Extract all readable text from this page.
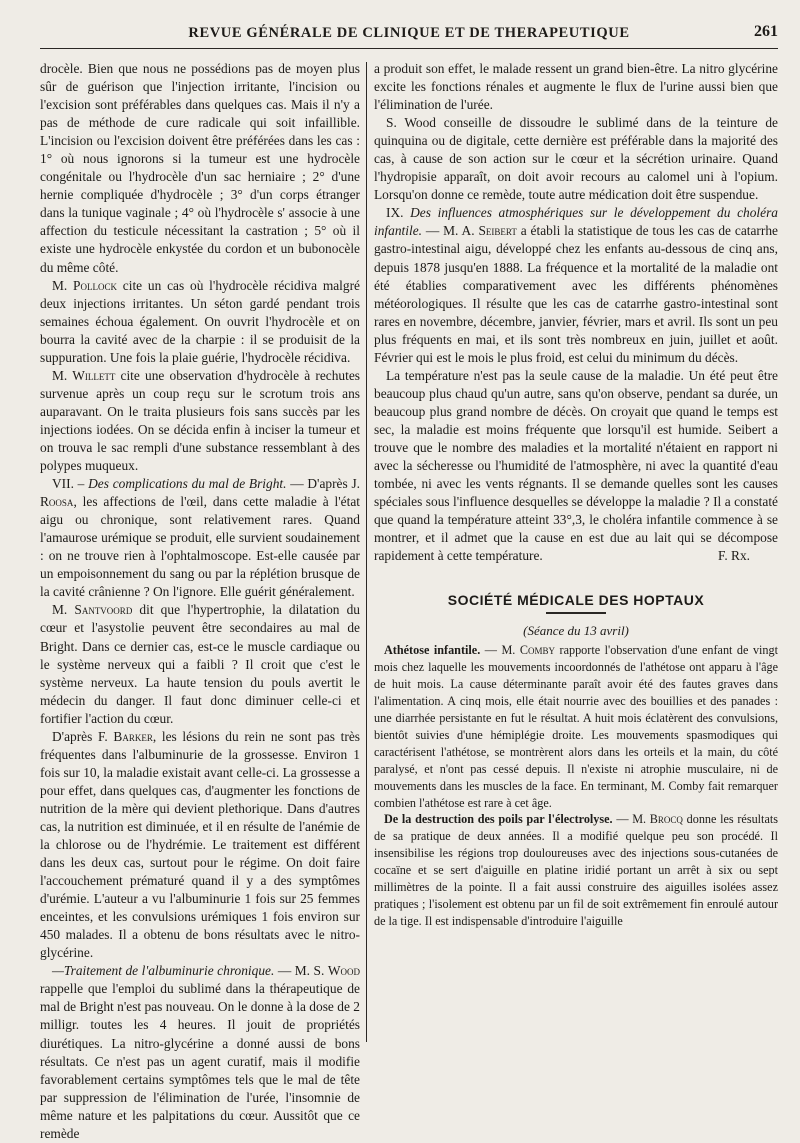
REVUE GÉNÉRALE DE CLINIQUE ET DE THERAPEUTIQUE	261

drocèle. Bien que nous ne possédions pas de moyen plus sûr de guérison que l'injection irritante, l'incision ou l'excision sont préférables dans quelques cas. Mais il n'y a pas de méthode de cure radicale qui soit infaillible. L'incision ou l'excision doivent être préférées dans les cas : 1° où nous ignorons si la tumeur est une hydrocèle congénitale ou l'hydrocèle d'un sac herniaire ; 2° d'une hernie compliquée d'hydrocèle ; 3° d'un corps étranger dans la tunique vaginale ; 4° où l'hydrocèle s' associe à une affection du testicule nécessitant la castration ; 5° où il existe une hydrocèle enkystée du cordon et un bubonocèle du même côté.

M. Pollock cite un cas où l'hydrocèle récidiva malgré deux injections irritantes. Un séton gardé pendant trois semaines échoua également. On ouvrit l'hydrocèle et on bourra la cavité avec de la charpie : il se produisit de la suppuration. Une fois la plaie guérie, l'hydrocèle récidiva.

M. Willett cite une observation d'hydrocèle à rechutes survenue après un coup reçu sur le scrotum trois ans auparavant. On le traita plusieurs fois sans succès par les injections iodées. On se décida enfin à inciser la tumeur et on trouva le sac rempli d'une substance ressemblant à des polypes muqueux.

VII. – Des complications du mal de Bright. — D'après J. Roosa, les affections de l'œil, dans cette maladie à l'état aigu ou chronique, sont relativement rares. Quand l'amaurose urémique se produit, elle survient soudainement : on ne trouve rien à l'ophtalmoscope. Est-elle causée par un empoisonnement du sang ou par la réplétion brusque de la cavité crânienne ? On l'ignore. Elle guérit généralement.

M. Santvoord dit que l'hypertrophie, la dilatation du cœur et l'asystolie peuvent être secondaires au mal de Bright. Dans ce dernier cas, est-ce le muscle cardiaque ou le système nerveux qui a faibli ? Il croit que c'est le système nerveux. La haute tension du pouls avertit le médecin du danger. Il faut donc diminuer celle-ci et fortifier l'action du cœur.

D'après F. Barker, les lésions du rein ne sont pas très fréquentes dans l'albuminurie de la grossesse. Environ 1 fois sur 10, la maladie existait avant celle-ci. La grossesse a pour effet, dans quelques cas, d'augmenter les fonctions de nutrition de la mère qui devient plethorique. Dans d'autres cas, la nutrition est diminuée, et il en résulte de l'anémie de la chlorose ou de l'hydrémie. Le traitement est différent dans les deux cas, surtout pour le régime. On doit faire l'accouchement prématuré quand il y a des symptômes d'urémie. L'auteur a vu l'albuminurie 1 fois sur 25 femmes enceintes, et les convulsions urémiques 1 fois environ sur 450 malades. Il a obtenu de bons résultats avec le nitro-glycérine.

—Traitement de l'albuminurie chronique. — M. S. Wood rappelle que l'emploi du sublimé dans la thérapeutique de mal de Bright n'est pas nouveau. On le donne à la dose de 2 milligr. toutes les 4 heures. Il jouit de propriétés diurétiques. La nitro-glycérine a donné aussi de bons résultats. Ce n'est pas un agent curatif, mais il modifie favorablement certains symptômes tels que le mal de tête par suppression de l'élimination de l'urée, l'insomnie de même nature et les palpitations du cœur. Aussitôt que ce remède

a produit son effet, le malade ressent un grand bien-être. La nitro glycérine excite les fonctions rénales et augmente le flux de l'urine aussi bien que l'élimination de l'urée.

S. Wood conseille de dissoudre le sublimé dans de la teinture de quinquina ou de digitale, cette dernière est préférable dans la majorité des cas, à cause de son action sur le cœur et la sécrétion urinaire. Quand l'hydropisie apparaît, on doit avoir recours au calomel uni à l'opium. Lorsqu'on donne ce remède, toute autre médication doit être suspendue.

IX. Des influences atmosphériques sur le développement du choléra infantile. — M. A. Seibert a établi la statistique de tous les cas de catarrhe gastro-intestinal aigu, développé chez les enfants au-dessous de cinq ans, depuis 1878 jusqu'en 1888. La fréquence et la mortalité de la maladie ont été établies comparativement avec les différents phénomènes météorologiques. Il résulte que les cas de catarrhe gastro-intestinal sont rares en novembre, décembre, janvier, février, mars et avril. Ils sont un peu plus fréquents en mai, et ils sont très nombreux en juin, juillet et août. Février qui est le mois le plus froid, est celui du minimum du décès.

La température n'est pas la seule cause de la maladie. Un été peut être beaucoup plus chaud qu'un autre, sans qu'on observe, pendant sa durée, un beaucoup plus grand nombre de décès. On croyait que quand le temps est sec, la maladie est moins fréquente que lorsqu'il est humide. Seibert a trouve que le nombre des maladies et la mortalité n'étaient en rapport ni avec la sécheresse ou l'humidité de l'atmosphère, ni avec la quantité d'eau tombée, ni avec les vents régnants. Il se demande quelles sont les causes spéciales sous l'influence desquelles se développe la maladie ? Il a constaté que quand la température atteint 33°,3, le choléra infantile commence à se montrer, et il admet que la cause en est due au lait qui se décompose rapidement à cette température.	F. Rx.

SOCIÉTÉ MÉDICALE DES HOPTAUX
(Séance du 13 avril)

Athétose infantile. — M. Comby rapporte l'observation d'une enfant de vingt mois chez laquelle les mouvements incoordonnés de l'athétose ont apparu à l'âge de huit mois. La cause déterminante paraît avoir été des fautes graves dans l'alimentation. A cinq mois, elle était nourrie avec des bouillies et des panades : une diarrhée persistante en fut le résultat. A huit mois éclatèrent des convulsions, bientôt suivies d'une hémiplégie droite. Les mouvements spasmodiques qui caractérisent l'athétose, se montrèrent alors dans les orteils et la main, du côté paralysé, et n'ont pas cessé depuis. Il n'existe ni atrophie musculaire, ni de mouvements dans les muscles de la face. En terminant, M. Comby fait remarquer combien l'athétose est rare à cet âge.

De la destruction des poils par l'électrolyse. — M. Brocq donne les résultats de sa pratique de deux années. Il a modifié quelque peu son procédé. Il insensibilise les régions trop douloureuses avec des injections sous-cutanées de cocaïne et se sert d'aiguille en platine iridié portant un arrêt à six ou sept millimètres de la pointe. Il a fait aussi construire des aiguilles isolées assez pratiques ; l'isolement est obtenu par un fil de soit extrêmement fin enroulé autour de la tige. Il est indispensable d'introduire l'aiguille
